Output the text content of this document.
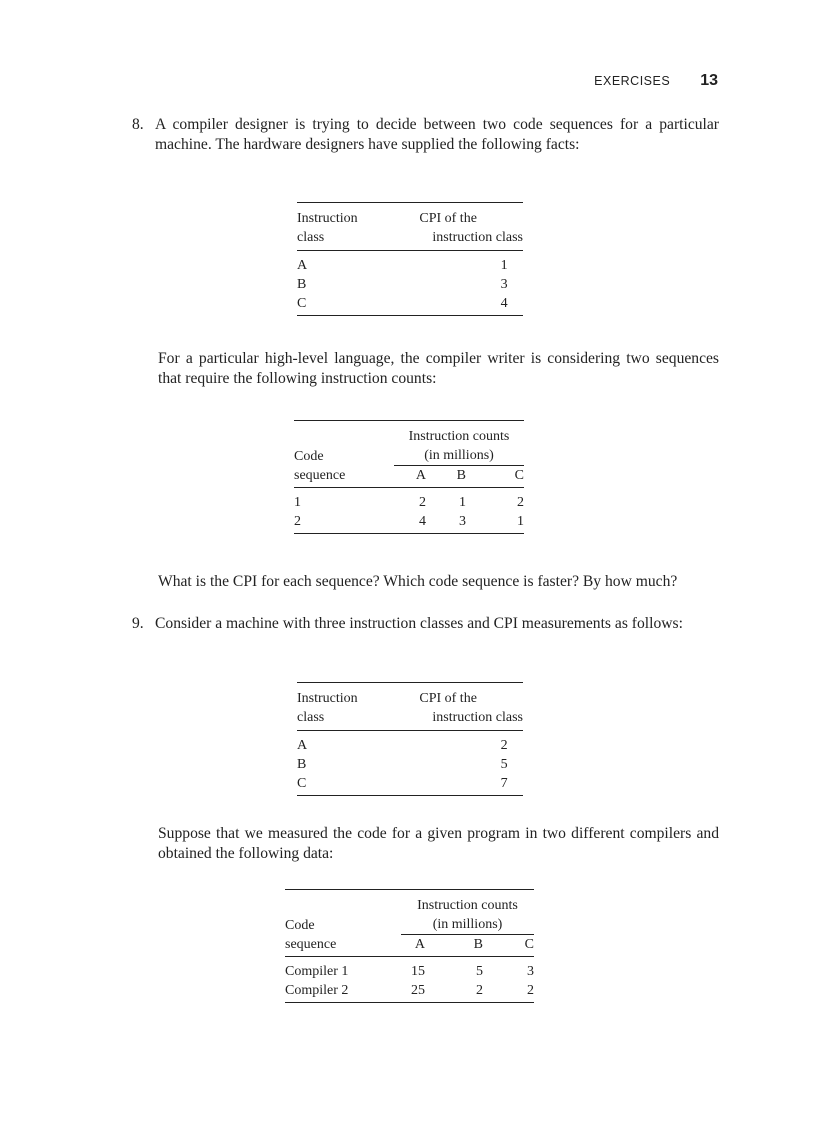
EXERCISES 13
8. A compiler designer is trying to decide between two code sequences for a particular machine. The hardware designers have supplied the following facts:
Instruction	CPI of the
class	instruction class
A	1
B	3
C	4
For a particular high-level language, the compiler writer is considering two sequences that require the following instruction counts:
	Instruction counts		
Code	(in millions)		
sequence	A	B	C
1	2	1	2
2	4	3	1
What is the CPI for each sequence? Which code sequence is faster? By how much?
9. Consider a machine with three instruction classes and CPI measurements as follows:
Instruction	CPI of the
class	instruction class
A	2
B	5
C	7
Suppose that we measured the code for a given program in two different compilers and obtained the following data:
	Instruction counts		
Code	(in millions)		
sequence	A	B	C
Compiler 1	15	5	3
Compiler 2	25	2	2
